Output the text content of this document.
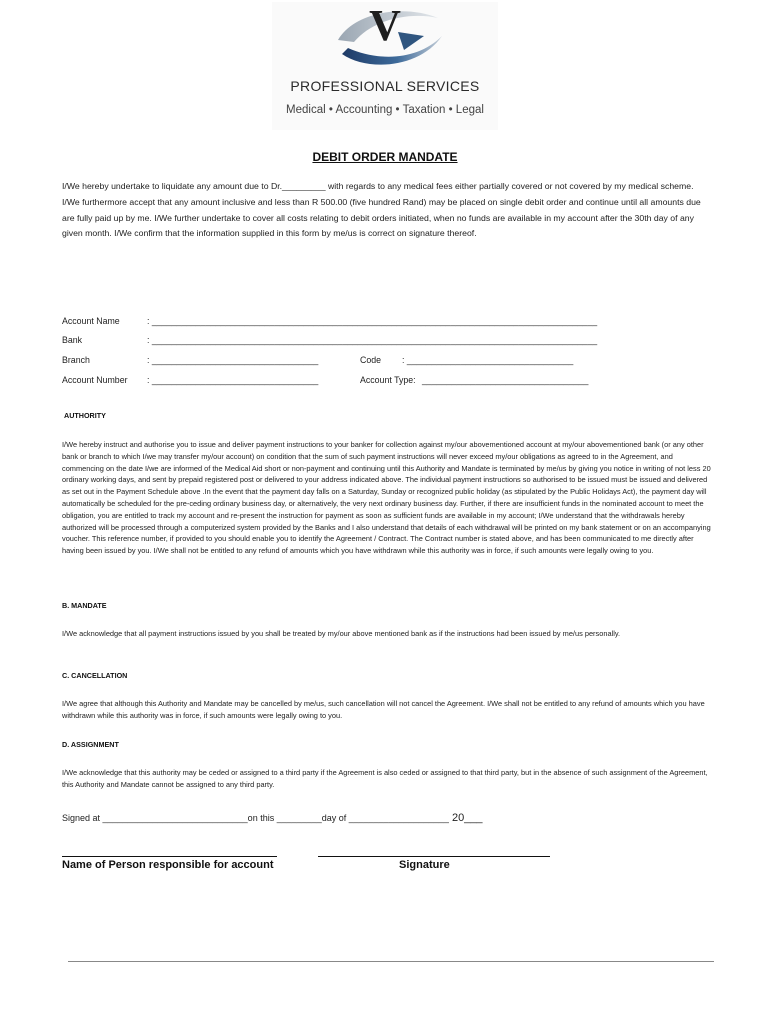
V
PROFESSIONAL SERVICES
Medical • Accounting • Taxation • Legal
DEBIT ORDER MANDATE

I/We hereby undertake to liquidate any amount due to Dr._________ with regards to any medical fees either partially covered or not covered by my medical scheme. I/We furthermore accept that any amount inclusive and less than R 500.00 (five hundred Rand) may be placed on single debit order and continue until all amounts due are fully paid up by me. I/We further undertake to cover all costs relating to debit orders initiated, when no funds are available in my account after the 30th day of any given month. I/We confirm that the information supplied in this form by me/us is correct on signature thereof.

Account Name	: ___________________________________________________________________________________________
Bank	: ___________________________________________________________________________________________
Branch	: __________________________________	Code : __________________________________
Account Number : __________________________________	Account Type: __________________________________
AUTHORITY

I/We hereby instruct and authorise you to issue and deliver payment instructions to your banker for collection against my/our abovementioned account at my/our abovementioned bank (or any other bank or branch to which I/we may transfer my/our account) on condition that the sum of such payment instructions will never exceed my/our obligations as agreed to in the Agreement, and commencing on the date I/we are informed of the Medical Aid short or non-payment and continuing until this Authority and Mandate is terminated by me/us by giving you notice in writing of not less 20 ordinary working days, and sent by prepaid registered post or delivered to your address indicated above. The individual payment instructions so authorised to be issued must be issued and delivered as set out in the Payment Schedule above .In the event that the payment day falls on a Saturday, Sunday or recognized public holiday (as stipulated by the Public Holidays Act), the payment day will automatically be scheduled for the pre-ceding ordinary business day, or alternatively, the very next ordinary business day. Further, if there are insufficient funds in the nominated account to meet the obligation, you are entitled to track my account and re-present the instruction for payment as soon as sufficient funds are available in my account; I/We understand that the withdrawals hereby authorized will be processed through a computerized system provided by the Banks and I also understand that details of each withdrawal will be printed on my bank statement or on an accompanying voucher. This reference number, if provided to you should enable you to identify the Agreement / Contract. The Contract number is stated above, and has been communicated to me directly after having been issued by you. I/We shall not be entitled to any refund of amounts which you have withdrawn while this authority was in force, if such amounts were legally owing to you.

B. MANDATE

I/We acknowledge that all payment instructions issued by you shall be treated by my/our above mentioned bank as if the instructions had been issued by me/us personally.

C. CANCELLATION

I/We agree that although this Authority and Mandate may be cancelled by me/us, such cancellation will not cancel the Agreement. I/We shall not be entitled to any refund of amounts which you have withdrawn while this authority was in force, if such amounts were legally owing to you.

D. ASSIGNMENT

I/We acknowledge that this authority may be ceded or assigned to a third party if the Agreement is also ceded or assigned to that third party, but in the absence of such assignment of the Agreement, this Authority and Mandate cannot be assigned to any third party.

Signed at _____________________________on this _________day of ____________________ 20___
Name of Person responsible for account	Signature
